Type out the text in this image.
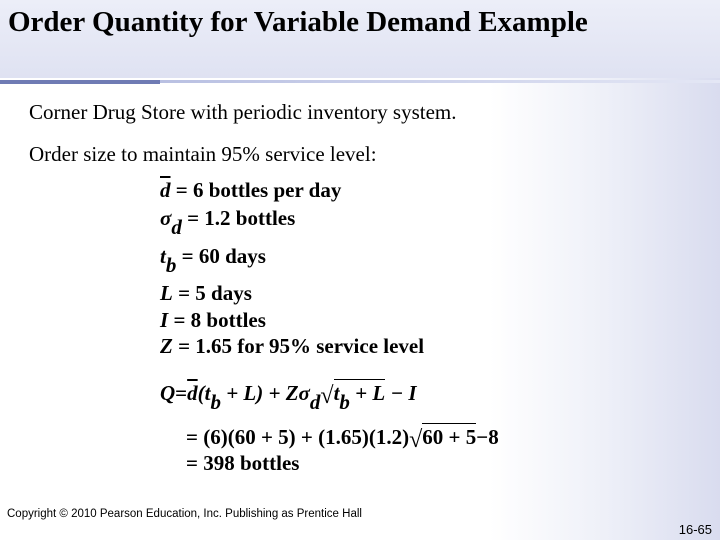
Order Quantity for Variable Demand Example
Corner Drug Store with periodic inventory system.
Order size to maintain 95% service level:
$\overline{d} = 6$ bottles per day
σd = 1.2 bottles
tb = 60 days
L = 5 days
I = 8 bottles
Z = 1.65 for 95% service level
$Q=\overline{d}(tb + L) + Z\sigma d√tb + L - I$
= (6)(60 + 5) + (1.65)(1.2)√60 + 5−8
= 398 bottles
Copyright © 2010 Pearson Education, Inc. Publishing as Prentice Hall
16-65
